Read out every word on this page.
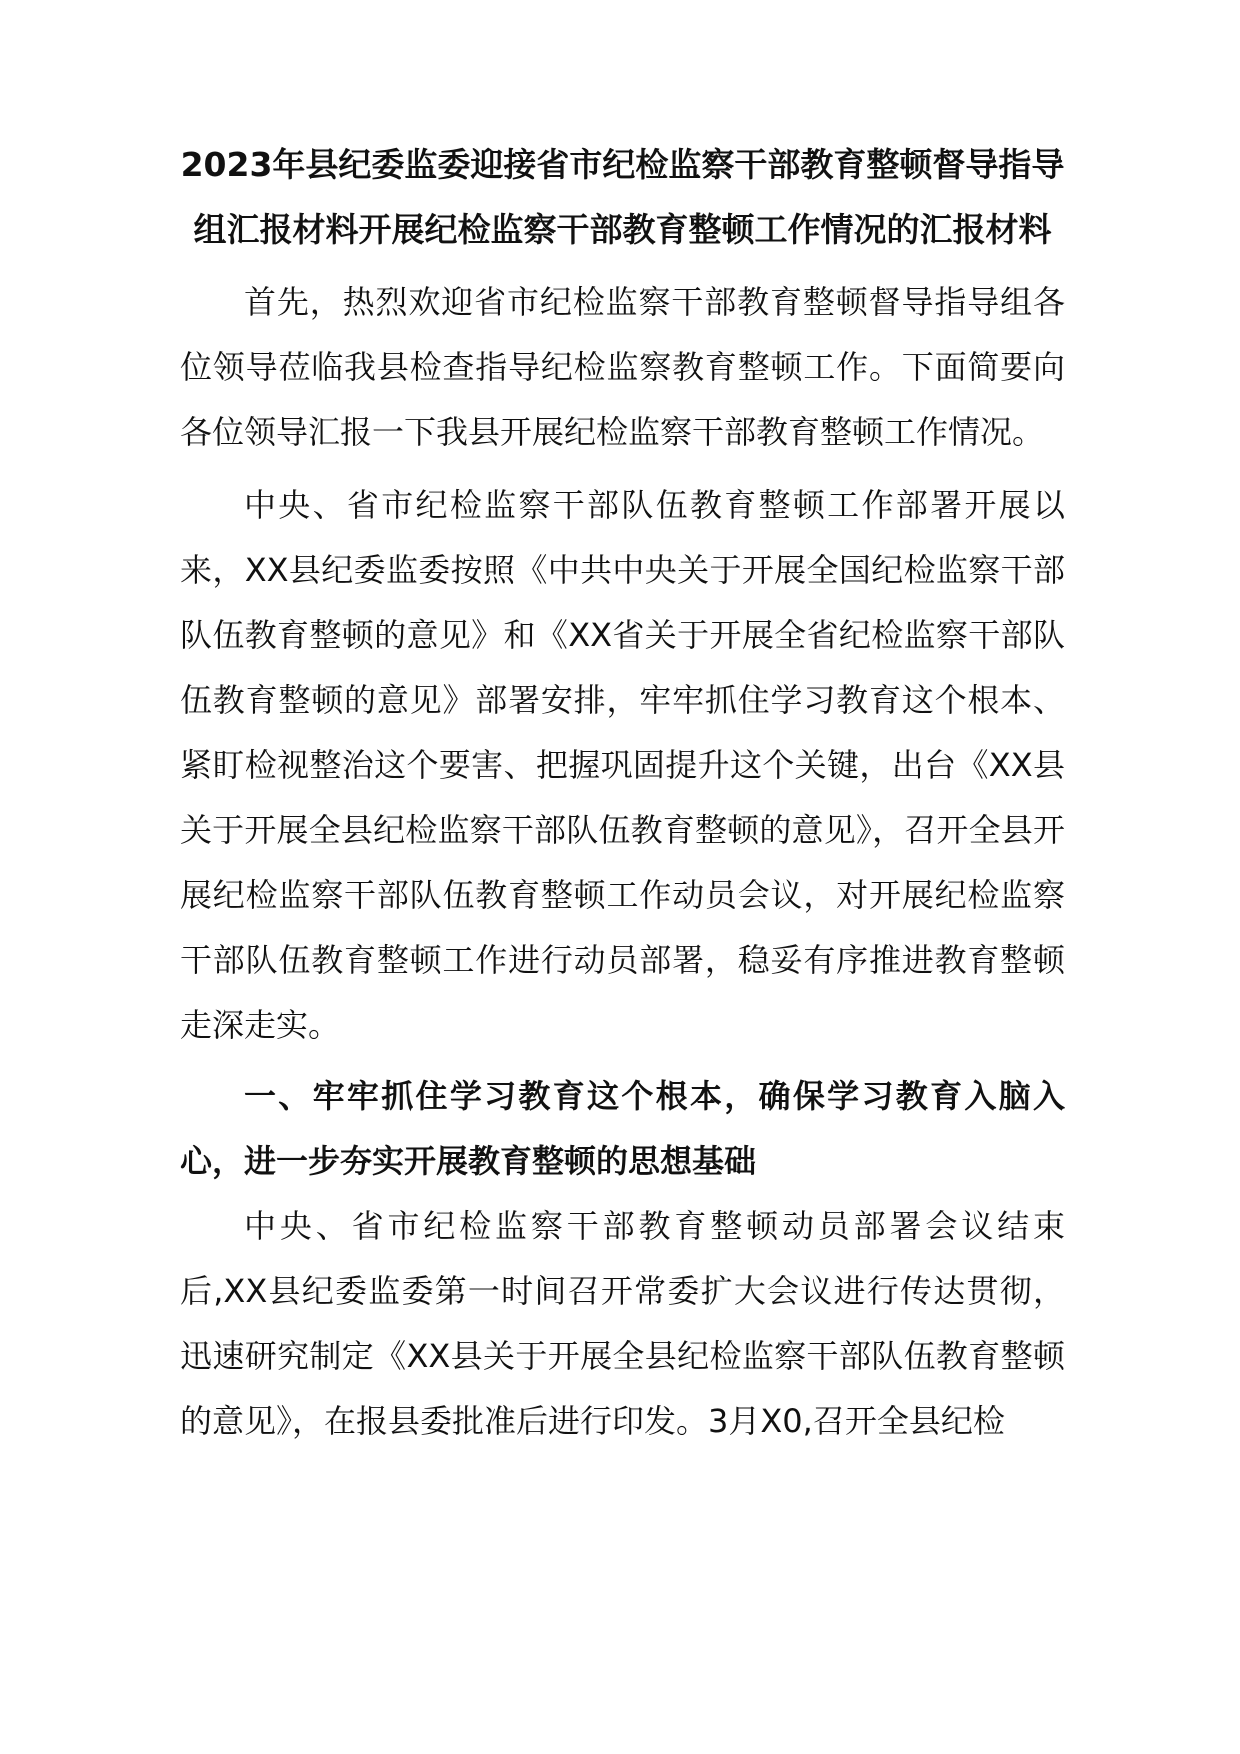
2023年县纪委监委迎接省市纪检监察干部教育整顿督导指导组汇报材料开展纪检监察干部教育整顿工作情况的汇报材料

首先，热烈欢迎省市纪检监察干部教育整顿督导指导组各位领导莅临我县检查指导纪检监察教育整顿工作。下面简要向各位领导汇报一下我县开展纪检监察干部教育整顿工作情况。

中央、省市纪检监察干部队伍教育整顿工作部署开展以来，XX县纪委监委按照《中共中央关于开展全国纪检监察干部队伍教育整顿的意见》和《XX省关于开展全省纪检监察干部队伍教育整顿的意见》部署安排，牢牢抓住学习教育这个根本、紧盯检视整治这个要害、把握巩固提升这个关键，出台《XX县关于开展全县纪检监察干部队伍教育整顿的意见》，召开全县开展纪检监察干部队伍教育整顿工作动员会议，对开展纪检监察干部队伍教育整顿工作进行动员部署，稳妥有序推进教育整顿走深走实。

一、牢牢抓住学习教育这个根本，确保学习教育入脑入心，进一步夯实开展教育整顿的思想基础

中央、省市纪检监察干部教育整顿动员部署会议结束后,XX县纪委监委第一时间召开常委扩大会议进行传达贯彻，迅速研究制定《XX县关于开展全县纪检监察干部队伍教育整顿的意见》，在报县委批准后进行印发。3月X0,召开全县纪检
